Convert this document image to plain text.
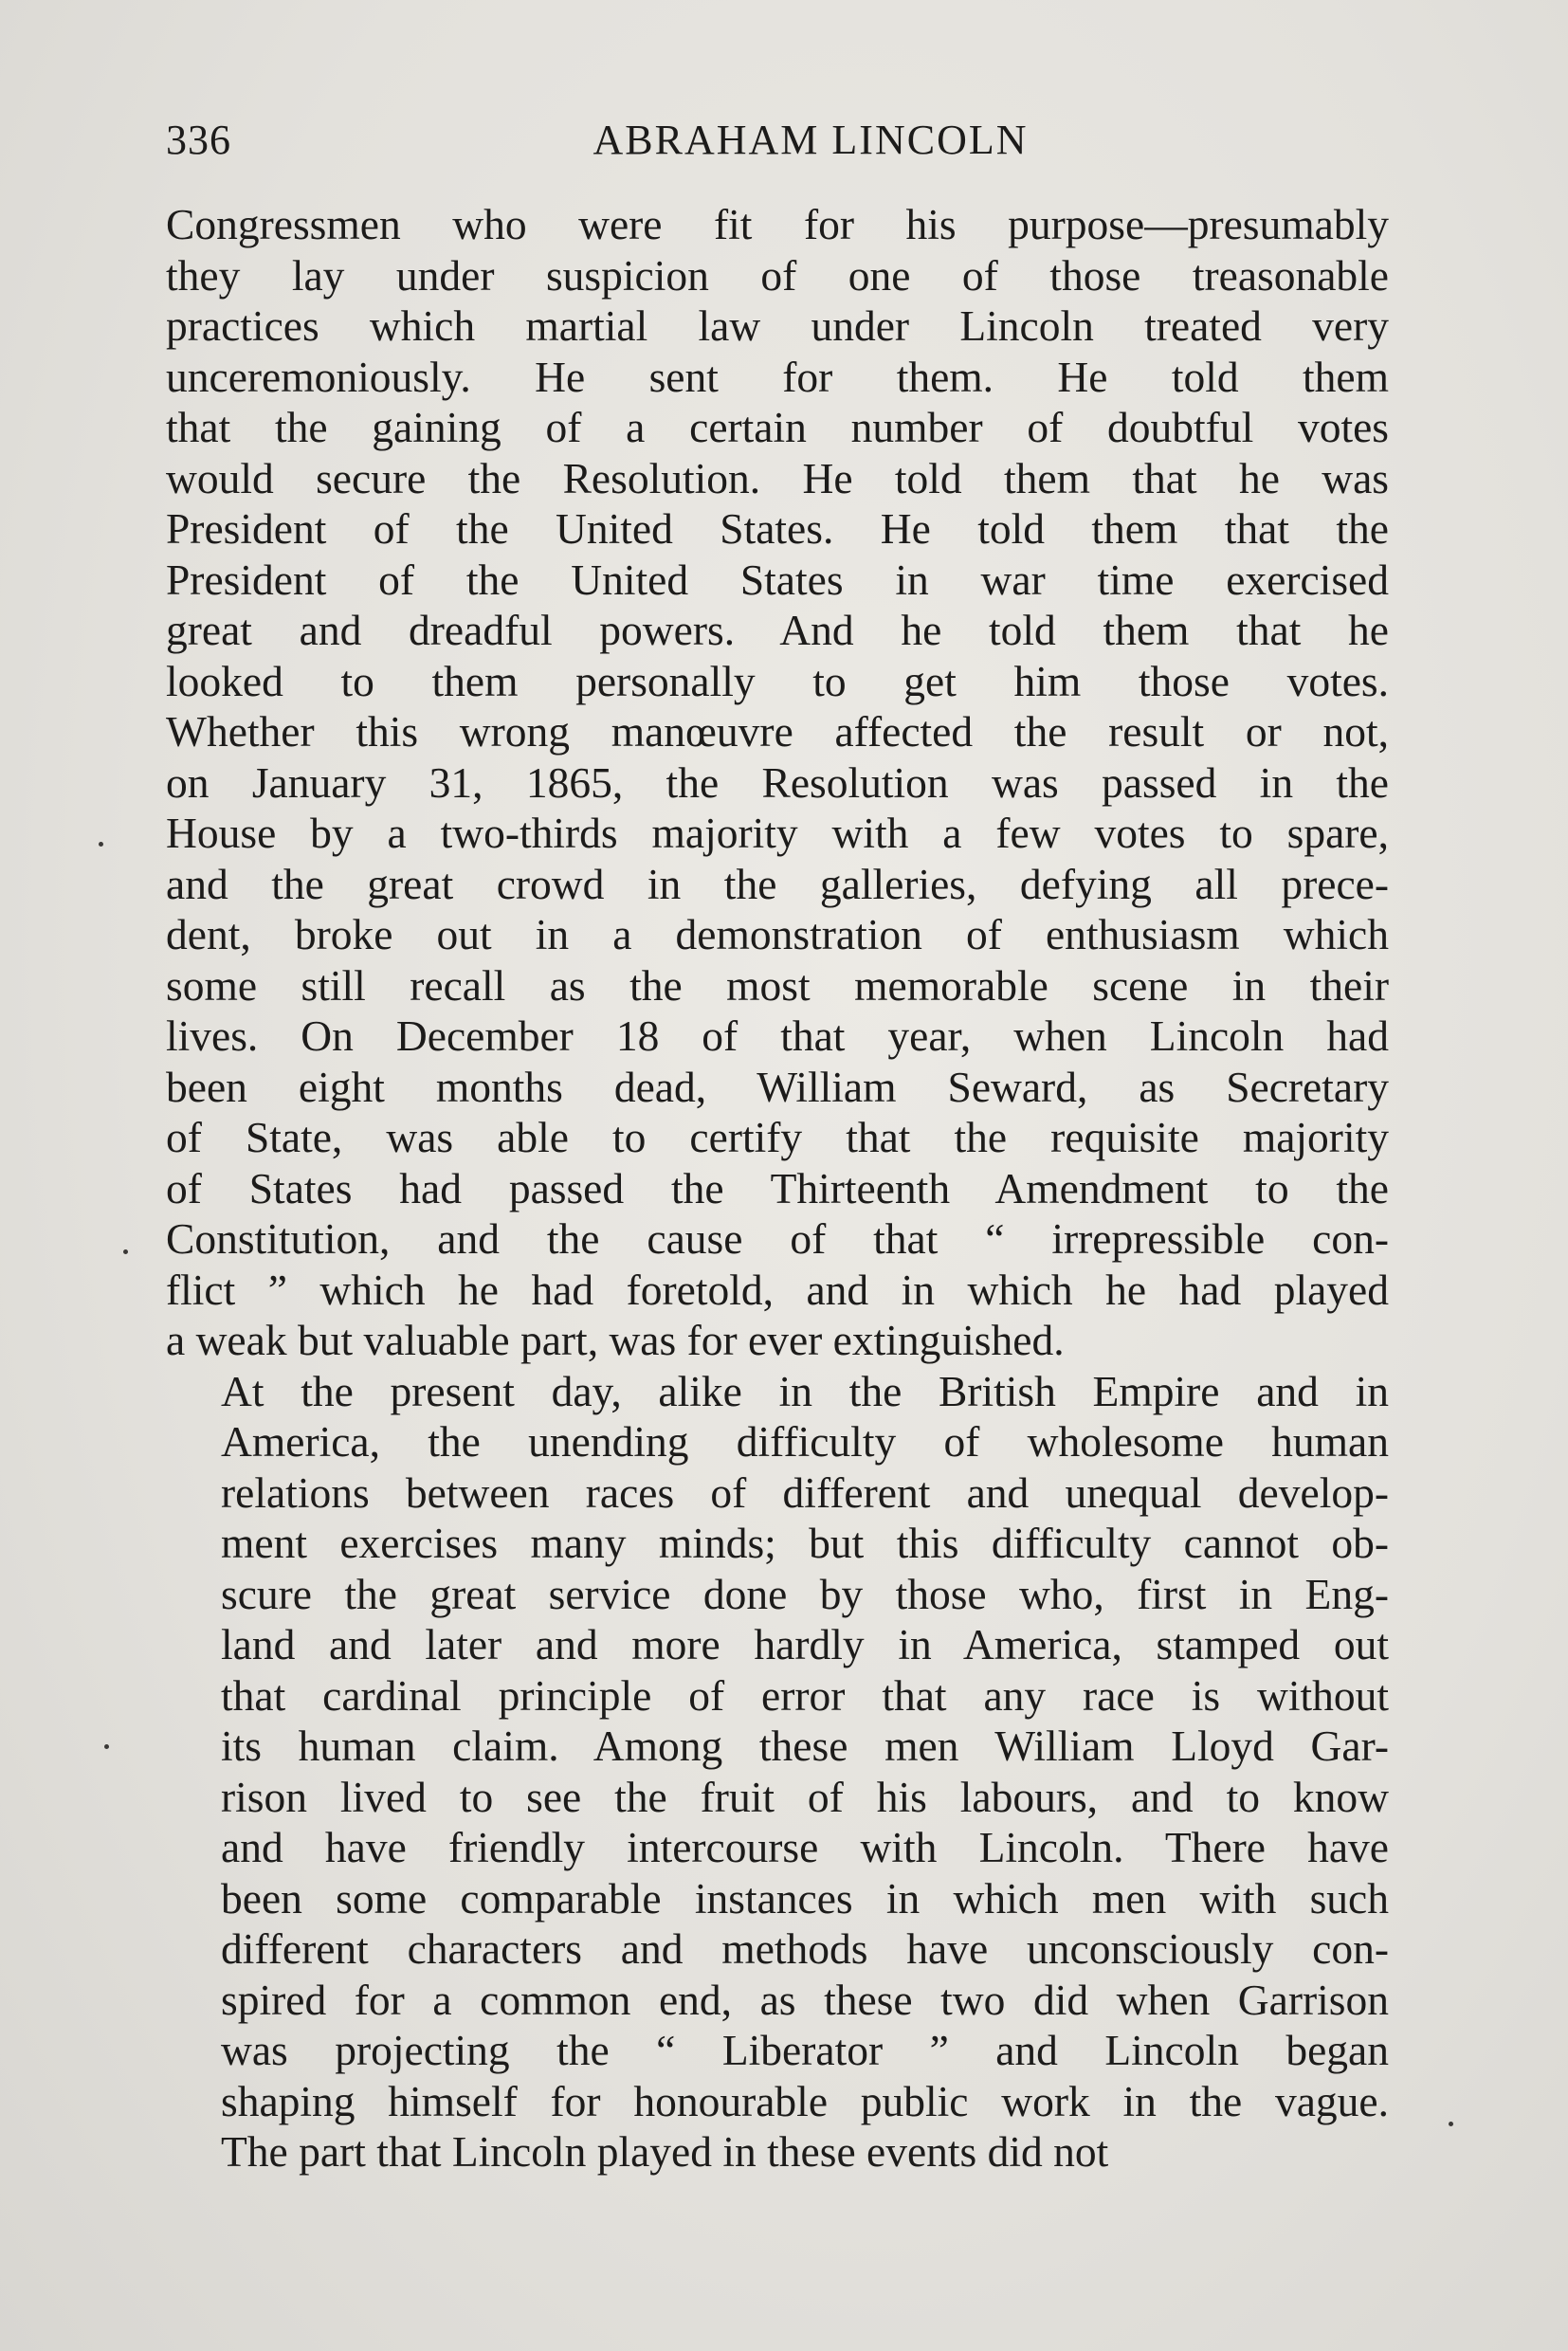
336	ABRAHAM LINCOLN

Congressmen who were fit for his purpose—presumably
they lay under suspicion of one of those treasonable
practices which martial law under Lincoln treated very
unceremoniously. He sent for them. He told them
that the gaining of a certain number of doubtful votes
would secure the Resolution. He told them that he was
President of the United States. He told them that the
President of the United States in war time exercised
great and dreadful powers. And he told them that he
looked to them personally to get him those votes.
Whether this wrong manœuvre affected the result or not,
on January 31, 1865, the Resolution was passed in the
House by a two-thirds majority with a few votes to spare,
and the great crowd in the galleries, defying all prece-
dent, broke out in a demonstration of enthusiasm which
some still recall as the most memorable scene in their
lives. On December 18 of that year, when Lincoln had
been eight months dead, William Seward, as Secretary
of State, was able to certify that the requisite majority
of States had passed the Thirteenth Amendment to the
Constitution, and the cause of that “ irrepressible con-
flict ” which he had foretold, and in which he had played
a weak but valuable part, was for ever extinguished.

At the present day, alike in the British Empire and in
America, the unending difficulty of wholesome human
relations between races of different and unequal develop-
ment exercises many minds; but this difficulty cannot ob-
scure the great service done by those who, first in Eng-
land and later and more hardly in America, stamped out
that cardinal principle of error that any race is without
its human claim. Among these men William Lloyd Gar-
rison lived to see the fruit of his labours, and to know
and have friendly intercourse with Lincoln. There have
been some comparable instances in which men with such
different characters and methods have unconsciously con-
spired for a common end, as these two did when Garrison
was projecting the “ Liberator ” and Lincoln began
shaping himself for honourable public work in the vague.
The part that Lincoln played in these events did not
